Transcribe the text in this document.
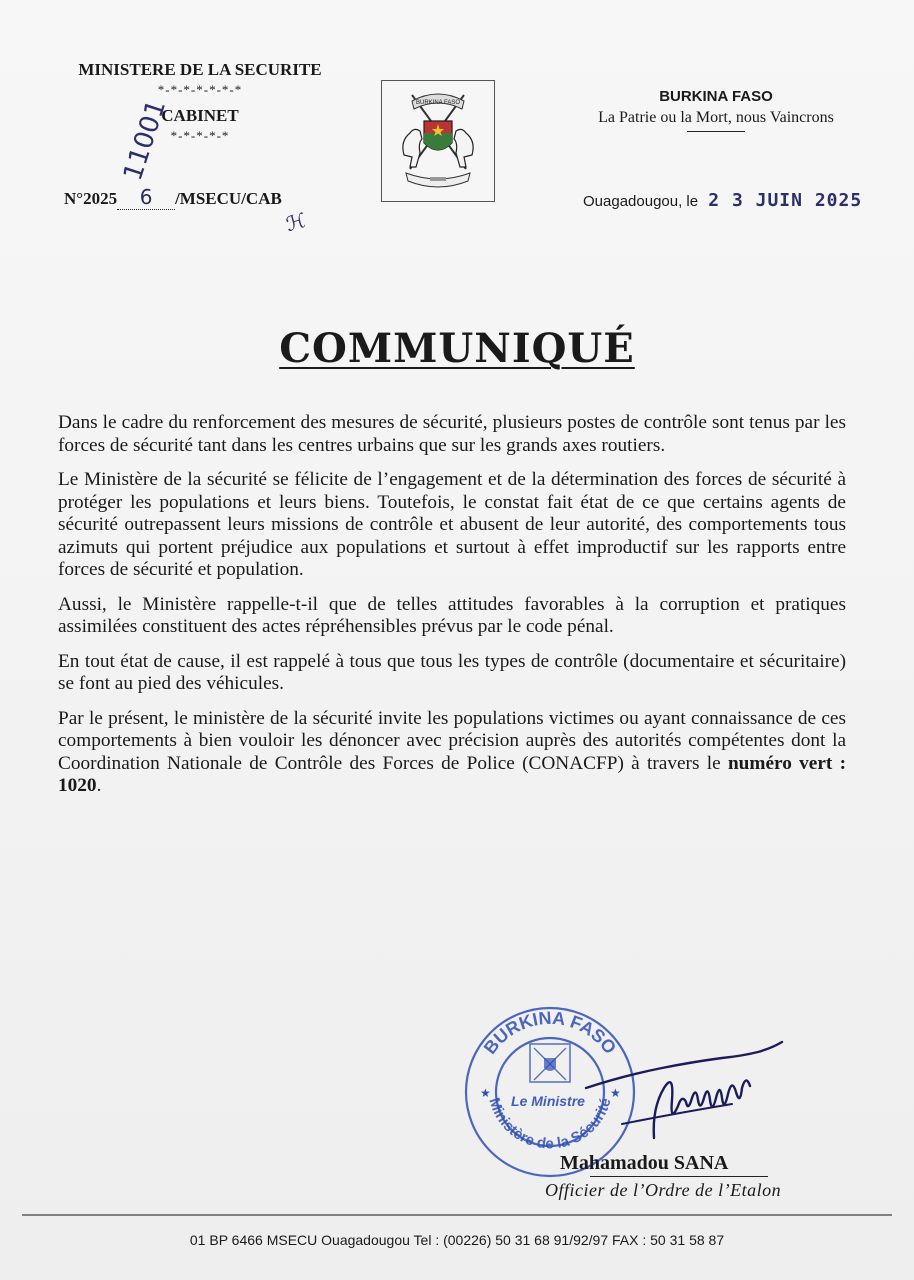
MINISTERE DE LA SECURITE
*-*-*-*-*-*-*
CABINET
*-*-*-*-*
N°2025 6 /MSECU/CAB
11001
ℋ
BURKINA FASO	BURKINA FASO
La Patrie ou la Mort, nous Vaincrons
Ouagadougou, le 2 3 JUIN 2025
COMMUNIQUÉ

Dans le cadre du renforcement des mesures de sécurité, plusieurs postes de contrôle sont tenus par les forces de sécurité tant dans les centres urbains que sur les grands axes routiers.

Le Ministère de la sécurité se félicite de l’engagement et de la détermination des forces de sécurité à protéger les populations et leurs biens. Toutefois, le constat fait état de ce que certains agents de sécurité outrepassent leurs missions de contrôle et abusent de leur autorité, des comportements tous azimuts qui portent préjudice aux populations et surtout à effet improductif sur les rapports entre forces de sécurité et population.

Aussi, le Ministère rappelle-t-il que de telles attitudes favorables à la corruption et pratiques assimilées constituent des actes répréhensibles prévus par le code pénal.

En tout état de cause, il est rappelé à tous que tous les types de contrôle (documentaire et sécuritaire) se font au pied des véhicules.

Par le présent, le ministère de la sécurité invite les populations victimes ou ayant connaissance de ces comportements à bien vouloir les dénoncer avec précision auprès des autorités compétentes dont la Coordination Nationale de Contrôle des Forces de Police (CONACFP) à travers le numéro vert : 1020.

BURKINA FASO
Ministère de la Sécurité
Le Ministre
★	★
Mahamadou SANA
Officier de l’Ordre de l’Etalon
01 BP 6466 MSECU Ouagadougou Tel : (00226) 50 31 68 91/92/97 FAX : 50 31 58 87
